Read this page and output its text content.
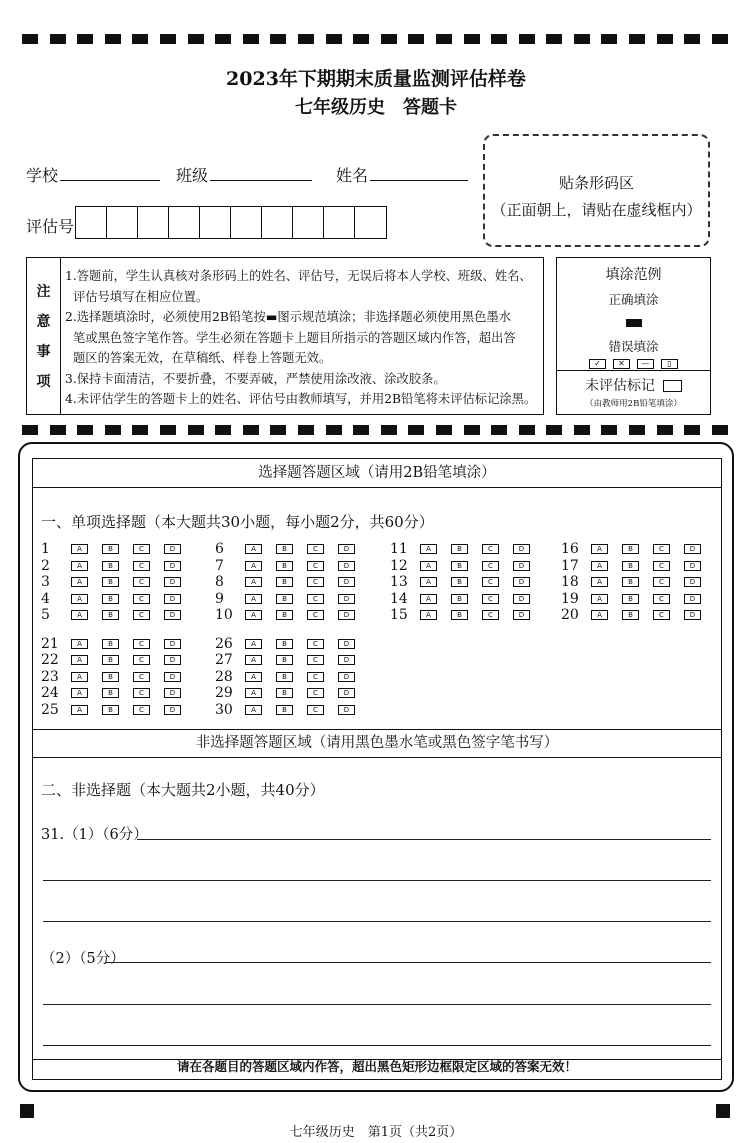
2023年下期期末质量监测评估样卷
七年级历史　答题卡
学校	班级	姓名
评估号
贴条形码区
（正面朝上，请贴在虚线框内）
注
意
事
项
1.答题前，学生认真核对条形码上的姓名、评估号，无误后将本人学校、班级、姓名、
评估号填写在相应位置。
2.选择题填涂时，必须使用2B铅笔按▬图示规范填涂；非选择题必须使用黑色墨水
笔或黑色签字笔作答。学生必须在答题卡上题目所指示的答题区域内作答，超出答
题区的答案无效，在草稿纸、样卷上答题无效。
3.保持卡面清洁，不要折叠，不要弄破，严禁使用涂改液、涂改胶条。
4.未评估学生的答题卡上的姓名、评估号由教师填写，并用2B铅笔将未评估标记涂黑。
填涂范例
正确填涂
错误填涂
✓	✕	—	▯
未评估标记
（由教师用2B铅笔填涂）
选择题答题区域（请用2B铅笔填涂）
一、单项选择题（本大题共30小题，每小题2分，共60分）
1	A	B	C	D
2	A	B	C	D
3	A	B	C	D
4	A	B	C	D
5	A	B	C	D
6	A	B	C	D
7	A	B	C	D
8	A	B	C	D
9	A	B	C	D
10	A	B	C	D
11	A	B	C	D
12	A	B	C	D
13	A	B	C	D
14	A	B	C	D
15	A	B	C	D
16	A	B	C	D
17	A	B	C	D
18	A	B	C	D
19	A	B	C	D
20	A	B	C	D
21	A	B	C	D
22	A	B	C	D
23	A	B	C	D
24	A	B	C	D
25	A	B	C	D
26	A	B	C	D
27	A	B	C	D
28	A	B	C	D
29	A	B	C	D
30	A	B	C	D
非选择题答题区域（请用黑色墨水笔或黑色签字笔书写）
二、非选择题（本大题共2小题，共40分）
31.（1）（6分）
（2）（5分）
请在各题目的答题区域内作答，超出黑色矩形边框限定区域的答案无效！
七年级历史　第1页（共2页）
